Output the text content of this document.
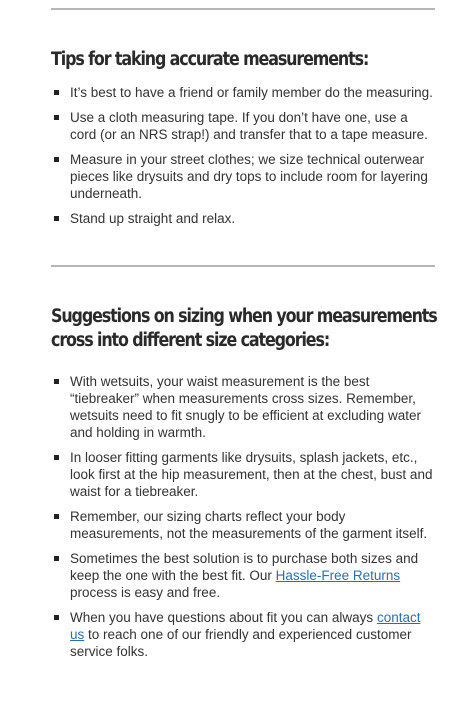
Tips for taking accurate measurements:
It’s best to have a friend or family member do the measuring.
Use a cloth measuring tape. If you don’t have one, use a cord (or an NRS strap!) and transfer that to a tape measure.
Measure in your street clothes; we size technical outerwear pieces like drysuits and dry tops to include room for layering underneath.
Stand up straight and relax.
Suggestions on sizing when your measurements cross into different size categories:
With wetsuits, your waist measurement is the best “tiebreaker” when measurements cross sizes. Remember, wetsuits need to fit snugly to be efficient at excluding water and holding in warmth.
In looser fitting garments like drysuits, splash jackets, etc., look first at the hip measurement, then at the chest, bust and waist for a tiebreaker.
Remember, our sizing charts reflect your body measurements, not the measurements of the garment itself.
Sometimes the best solution is to purchase both sizes and keep the one with the best fit. Our Hassle-Free Returns process is easy and free.
When you have questions about fit you can always contact us to reach one of our friendly and experienced customer service folks.
